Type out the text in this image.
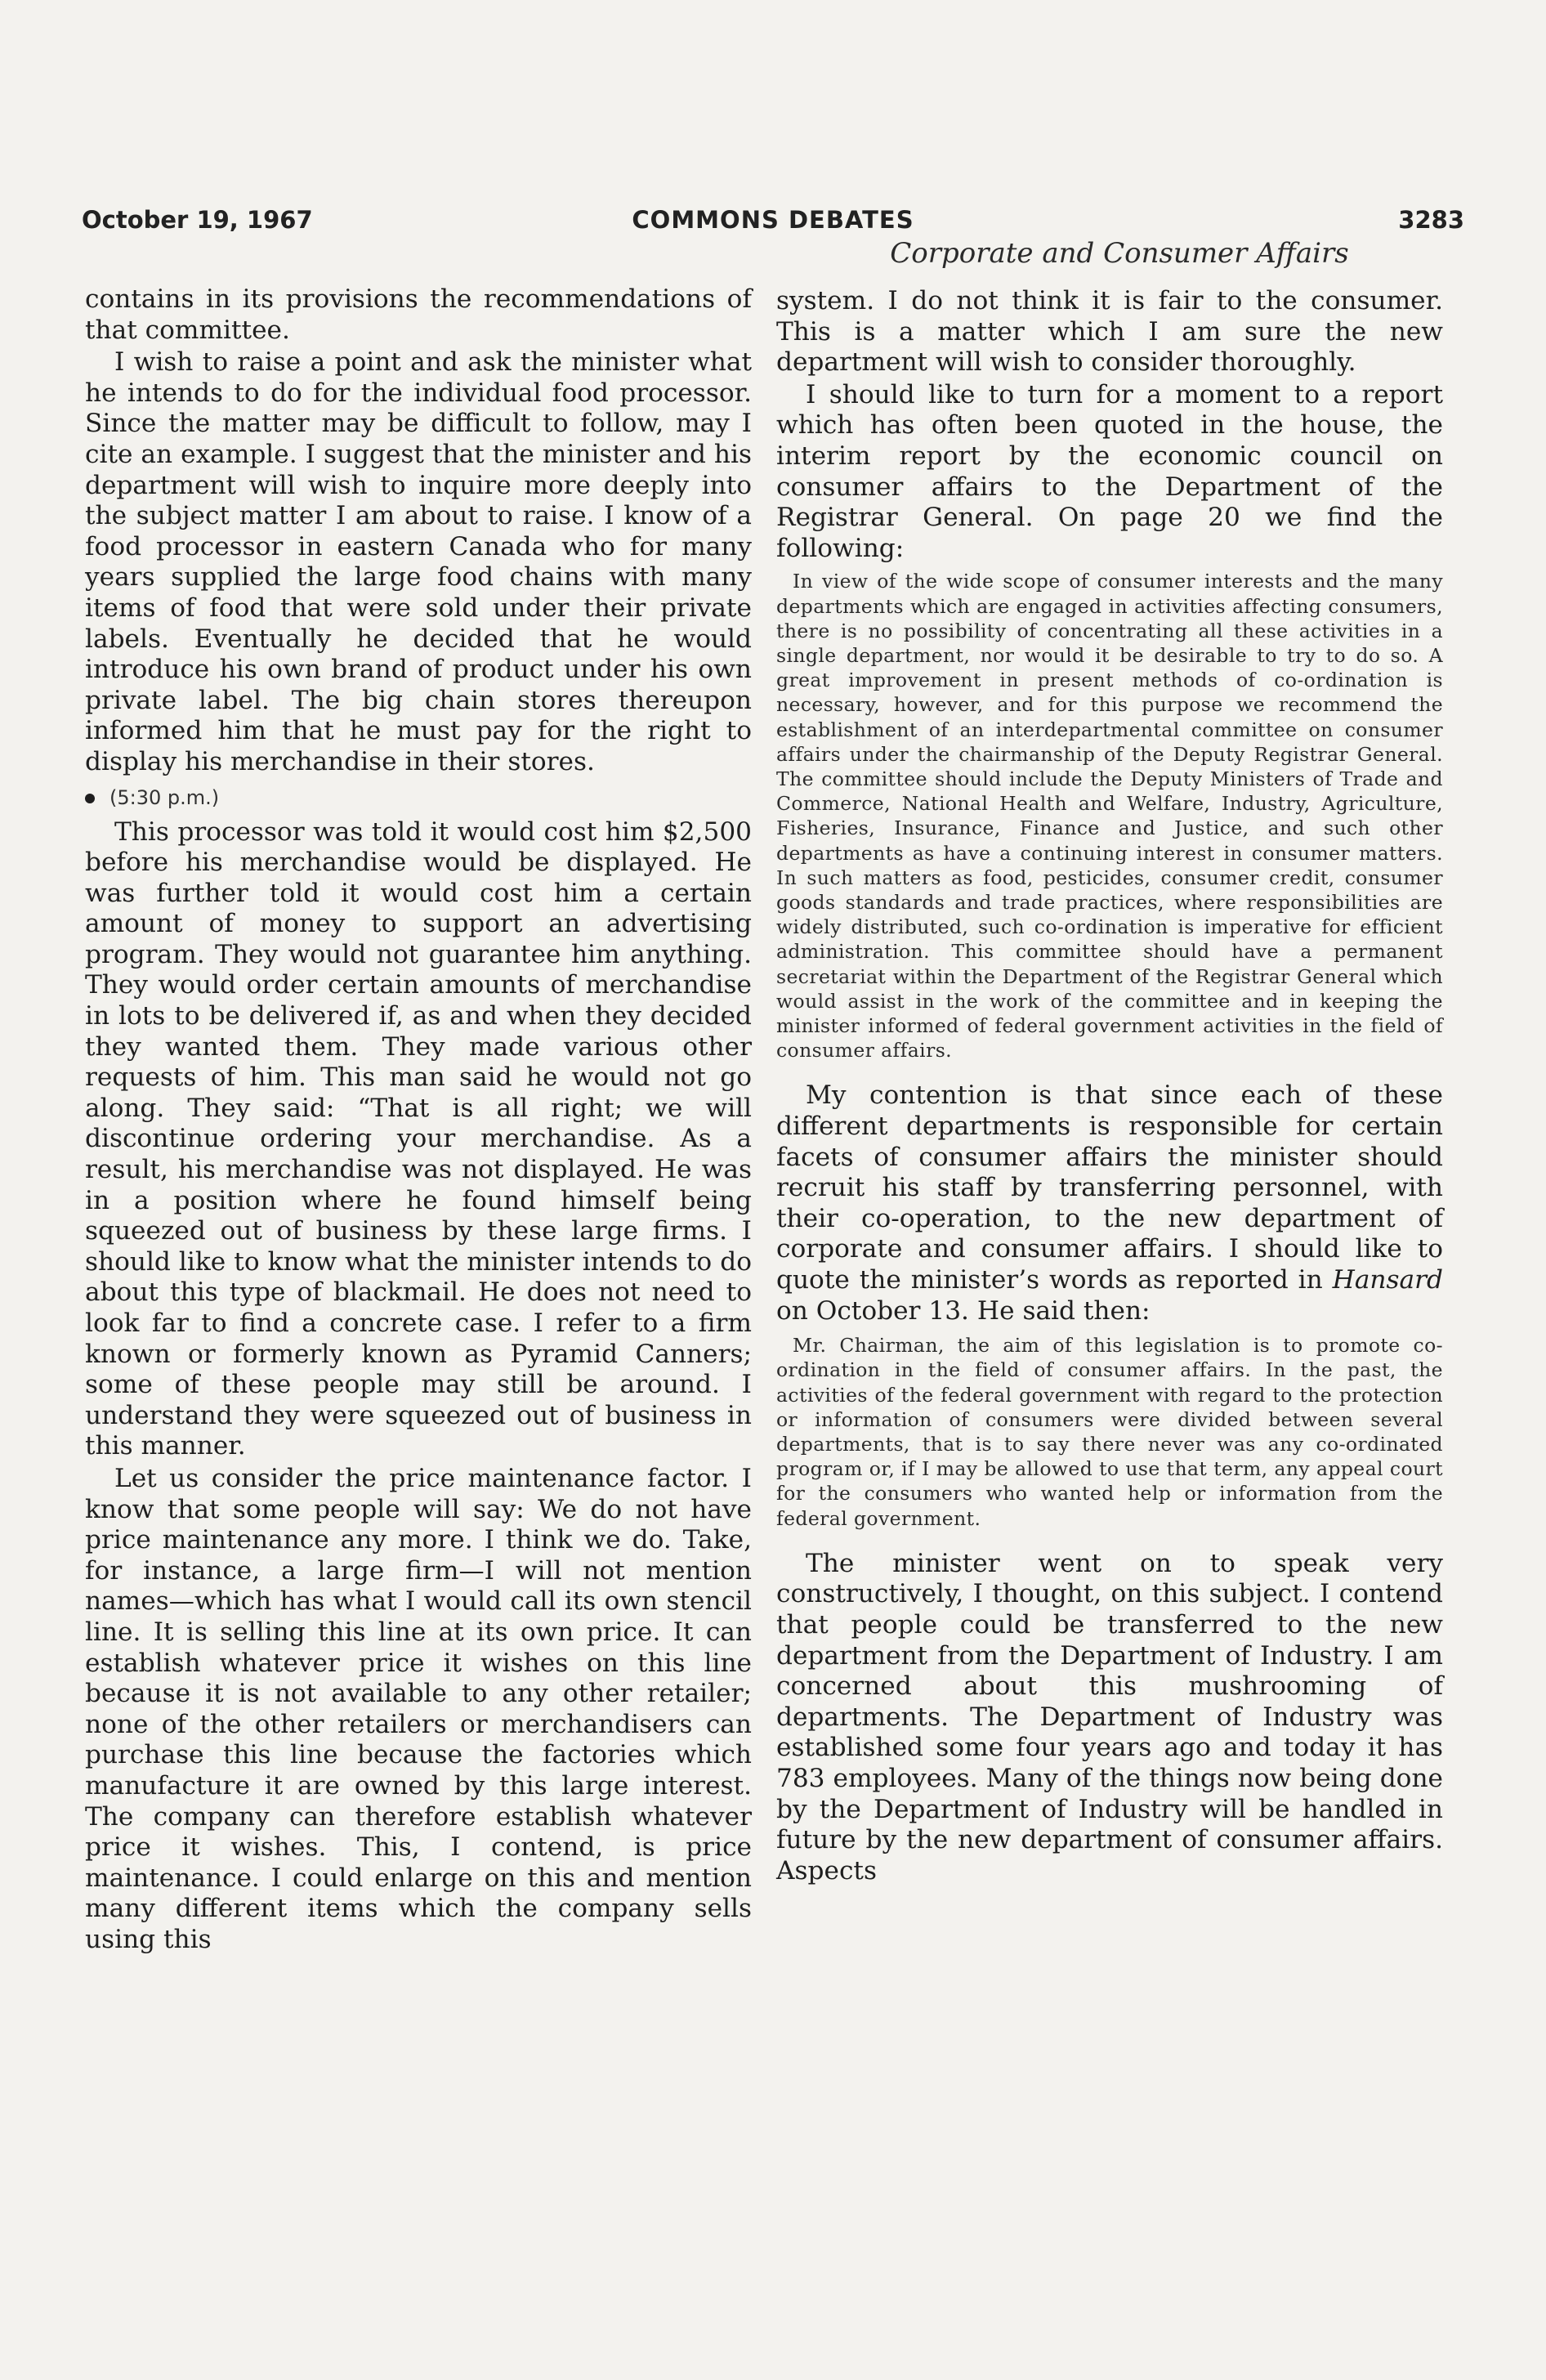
October 19, 1967	COMMONS DEBATES	3283
Corporate and Consumer Affairs

contains in its provisions the recommendations of that committee.

I wish to raise a point and ask the minister what he intends to do for the individual food processor. Since the matter may be difficult to follow, may I cite an example. I suggest that the minister and his department will wish to inquire more deeply into the subject matter I am about to raise. I know of a food processor in eastern Canada who for many years supplied the large food chains with many items of food that were sold under their private labels. Eventually he decided that he would introduce his own brand of product under his own private label. The big chain stores thereupon informed him that he must pay for the right to display his merchandise in their stores.

(5:30 p.m.)

This processor was told it would cost him $2,500 before his merchandise would be displayed. He was further told it would cost him a certain amount of money to support an advertising program. They would not guarantee him anything. They would order certain amounts of merchandise in lots to be delivered if, as and when they decided they wanted them. They made various other requests of him. This man said he would not go along. They said: “That is all right; we will discontinue ordering your merchandise. As a result, his merchandise was not displayed. He was in a position where he found himself being squeezed out of business by these large firms. I should like to know what the minister intends to do about this type of blackmail. He does not need to look far to find a concrete case. I refer to a firm known or formerly known as Pyramid Canners; some of these people may still be around. I understand they were squeezed out of business in this manner.

Let us consider the price maintenance factor. I know that some people will say: We do not have price maintenance any more. I think we do. Take, for instance, a large firm—I will not mention names—which has what I would call its own stencil line. It is selling this line at its own price. It can establish whatever price it wishes on this line because it is not available to any other retailer; none of the other retailers or merchandisers can purchase this line because the factories which manufacture it are owned by this large interest. The company can therefore establish whatever price it wishes. This, I contend, is price maintenance. I could enlarge on this and mention many different items which the company sells using this

system. I do not think it is fair to the consumer. This is a matter which I am sure the new department will wish to consider thoroughly.

I should like to turn for a moment to a report which has often been quoted in the house, the interim report by the economic council on consumer affairs to the Department of the Registrar General. On page 20 we find the following:

In view of the wide scope of consumer interests and the many departments which are engaged in activities affecting consumers, there is no possibility of concentrating all these activities in a single department, nor would it be desirable to try to do so. A great improvement in present methods of co-ordination is necessary, however, and for this purpose we recommend the establishment of an interdepartmental committee on consumer affairs under the chairmanship of the Deputy Registrar General. The committee should include the Deputy Ministers of Trade and Commerce, National Health and Welfare, Industry, Agriculture, Fisheries, Insurance, Finance and Justice, and such other departments as have a continuing interest in consumer matters. In such matters as food, pesticides, consumer credit, consumer goods standards and trade practices, where responsibilities are widely distributed, such co-ordination is imperative for efficient administration. This committee should have a permanent secretariat within the Department of the Registrar General which would assist in the work of the committee and in keeping the minister informed of federal government activities in the field of consumer affairs.

My contention is that since each of these different departments is responsible for certain facets of consumer affairs the minister should recruit his staff by transferring personnel, with their co-operation, to the new department of corporate and consumer affairs. I should like to quote the minister’s words as reported in Hansard on October 13. He said then:

Mr. Chairman, the aim of this legislation is to promote co-ordination in the field of consumer affairs. In the past, the activities of the federal government with regard to the protection or information of consumers were divided between several departments, that is to say there never was any co-ordinated program or, if I may be allowed to use that term, any appeal court for the consumers who wanted help or information from the federal government.

The minister went on to speak very constructively, I thought, on this subject. I contend that people could be transferred to the new department from the Department of Industry. I am concerned about this mushrooming of departments. The Department of Industry was established some four years ago and today it has 783 employees. Many of the things now being done by the Department of Industry will be handled in future by the new department of consumer affairs. Aspects
